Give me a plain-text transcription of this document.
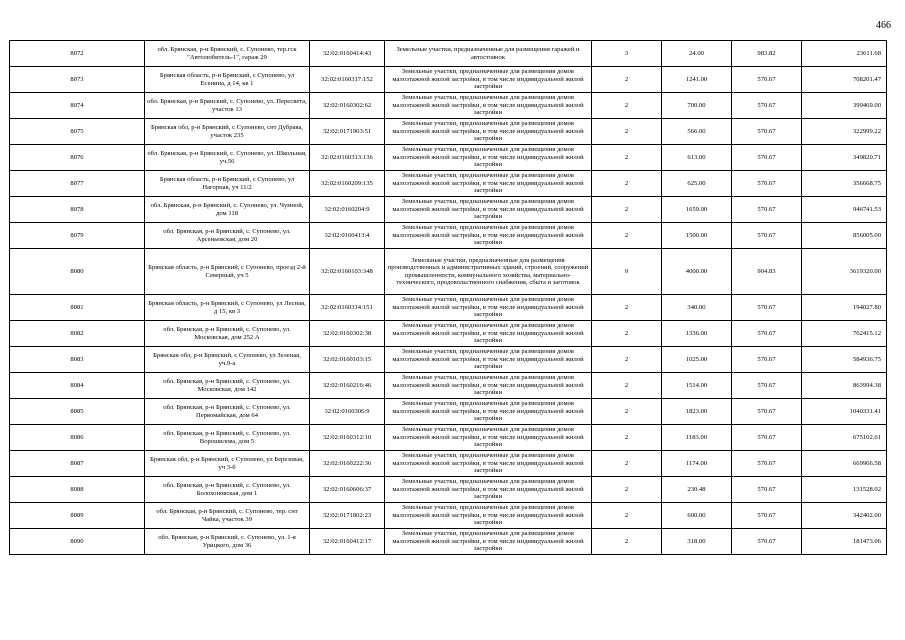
466
8072	обл. Брянская, р-н Брянский, с. Супонево, тер.гск "Автолюбитель-1", гараж 29	32:02:0160414:43	Земельные участки, предназначенные для размещения гаражей и автостоянок	3	24.00	983.82	23611.68
8073	Брянская область, р-н Брянский, с Супонево, ул Есенина, д 14, кв 1	32:02:0160317:152	Земельные участки, предназначенные для размещения домов малоэтажной жилой застройки, в том числе индивидуальной жилой застройки	2	1241.00	570.67	708201.47
8074	обл. Брянская, р-н Брянский, с. Супонево, ул. Пересвета, участок 13	32:02:0160302:62	Земельные участки, предназначенные для размещения домов малоэтажной жилой застройки, в том числе индивидуальной жилой застройки	2	700.00	570.67	399469.00
8075	Брянская обл, р-н Брянский, с Супонево, снт Дубрава, участок 235	32:02:0171903:51	Земельные участки, предназначенные для размещения домов малоэтажной жилой застройки, в том числе индивидуальной жилой застройки	2	566.00	570.67	322999.22
8076	обл. Брянская, р-н Брянский, с. Супонево, ул. Школьная, уч.56	32:02:0160313:136	Земельные участки, предназначенные для размещения домов малоэтажной жилой застройки, в том числе индивидуальной жилой застройки	2	613.00	570.67	349820.71
8077	Брянская область, р-н Брянский, с Супонево, ул Нагорная, уч 11/2	32:02:0160209:135	Земельные участки, предназначенные для размещения домов малоэтажной жилой застройки, в том числе индивидуальной жилой застройки	2	625.00	570.67	356668.75
8078	обл. Брянская, р-н Брянский, с. Супонево, ул. Чумной, дом 118	32:02:0160204:9	Земельные участки, предназначенные для размещения домов малоэтажной жилой застройки, в том числе индивидуальной жилой застройки	2	1659.00	570.67	946741.53
8079	обл. Брянская, р-н Брянский, с. Супонево, ул. Арсеньевская, дом 20	32:02:0160413:4	Земельные участки, предназначенные для размещения домов малоэтажной жилой застройки, в том числе индивидуальной жилой застройки	2	1500.00	570.67	856005.00
8080	Брянская область, р-н Брянский, с Супонево, проезд 2-й Северный, уч 5	32:02:0160103:348	Земельные участки, предназначенные для размещения производственных и административных зданий, строений, сооружений промышленности, коммунального хозяйства, материально-технического, продовольственного снабжения, сбыта и заготовок	9	4000.00	904.83	3619320.00
8081	Брянская область, р-н Брянский, с Супонево, ул Лесная, д 15, кв 3	32:02:0160314:151	Земельные участки, предназначенные для размещения домов малоэтажной жилой застройки, в том числе индивидуальной жилой застройки	2	340.00	570.67	194027.80
8082	обл. Брянская, р-н Брянский, с. Супонево, ул. Московская, дом 252 А	32:02:0160302:38	Земельные участки, предназначенные для размещения домов малоэтажной жилой застройки, в том числе индивидуальной жилой застройки	2	1336.00	570.67	762415.12
8083	Брянская обл, р-н Брянский, с Супонево, ул Зеленая, уч.9-а	32:02:0160103:15	Земельные участки, предназначенные для размещения домов малоэтажной жилой застройки, в том числе индивидуальной жилой застройки	2	1025.00	570.67	584936.75
8084	обл. Брянская, р-н Брянский, с. Супонево, ул. Московская, дом 142	32:02:0160216:46	Земельные участки, предназначенные для размещения домов малоэтажной жилой застройки, в том числе индивидуальной жилой застройки	2	1514.00	570.67	863994.38
8085	обл. Брянская, р-н Брянский, с. Супонево, ул. Первомайская, дом 64	32:02:0160306:9	Земельные участки, предназначенные для размещения домов малоэтажной жилой застройки, в том числе индивидуальной жилой застройки	2	1823.00	570.67	1040331.41
8086	обл. Брянская, р-н Брянский, с. Супонево, ул. Ворошилова, дом 5	32:02:0160312:10	Земельные участки, предназначенные для размещения домов малоэтажной жилой застройки, в том числе индивидуальной жилой застройки	2	1183.00	570.67	675102.61
8087	Брянская обл, р-н Брянский, с Супонево, ул Березовая, уч 3-б	32:02:0160222:36	Земельные участки, предназначенные для размещения домов малоэтажной жилой застройки, в том числе индивидуальной жилой застройки	2	1174.00	570.67	669966.58
8088	обл. Брянская, р-н Брянский, с. Супонево, ул. Болохоновская, дом 1	32:02:0160606:37	Земельные участки, предназначенные для размещения домов малоэтажной жилой застройки, в том числе индивидуальной жилой застройки	2	230.48	570.67	131528.02
8089	обл. Брянская, р-н Брянский, с. Супонево, тер. снт Чайка, участок 39	32:02:0171802:23	Земельные участки, предназначенные для размещения домов малоэтажной жилой застройки, в том числе индивидуальной жилой застройки	2	600.00	570.67	342402.00
8090	обл. Брянская, р-н Брянский, с. Супонево, ул. 1-я Урицкого, дом 36	32:02:0160412:17	Земельные участки, предназначенные для размещения домов малоэтажной жилой застройки, в том числе индивидуальной жилой застройки	2	318.00	570.67	181473.06
